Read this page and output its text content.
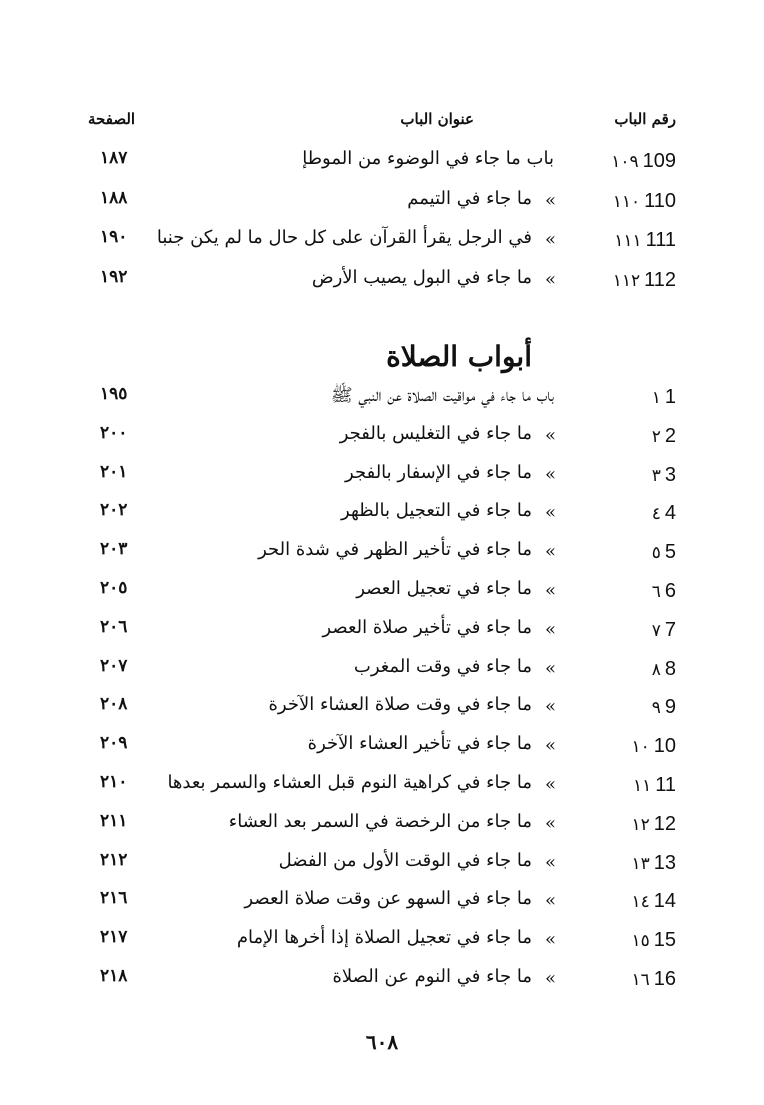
رقم الباب
عنوان الباب
الصفحة
١٠٩ 109
باب ما جاء في الوضوء من الموطإ
١٨٧
١١٠ 110
»
ما جاء في التيمم
١٨٨
١١١ 111
»
في الرجل يقرأ القرآن على كل حال ما لم يكن جنبا
١٩٠
١١٢ 112
»
ما جاء في البول يصيب الأرض
١٩٢
أبواب الصلاة
١ 1
باب ما جاء في مواقيت الصلاة عن النبي ﷺ
١٩٥
٢ 2
»
ما جاء في التغليس بالفجر
٢٠٠
٣ 3
»
ما جاء في الإسفار بالفجر
٢٠١
٤ 4
»
ما جاء في التعجيل بالظهر
٢٠٢
٥ 5
»
ما جاء في تأخير الظهر في شدة الحر
٢٠٣
٦ 6
»
ما جاء في تعجيل العصر
٢٠٥
٧ 7
»
ما جاء في تأخير صلاة العصر
٢٠٦
٨ 8
»
ما جاء في وقت المغرب
٢٠٧
٩ 9
»
ما جاء في وقت صلاة العشاء الآخرة
٢٠٨
١٠ 10
»
ما جاء في تأخير العشاء الآخرة
٢٠٩
١١ 11
»
ما جاء في كراهية النوم قبل العشاء والسمر بعدها
٢١٠
١٢ 12
»
ما جاء من الرخصة في السمر بعد العشاء
٢١١
١٣ 13
»
ما جاء في الوقت الأول من الفضل
٢١٢
١٤ 14
»
ما جاء في السهو عن وقت صلاة العصر
٢١٦
١٥ 15
»
ما جاء في تعجيل الصلاة إذا أخرها الإمام
٢١٧
١٦ 16
»
ما جاء في النوم عن الصلاة
٢١٨
٦٠٨
